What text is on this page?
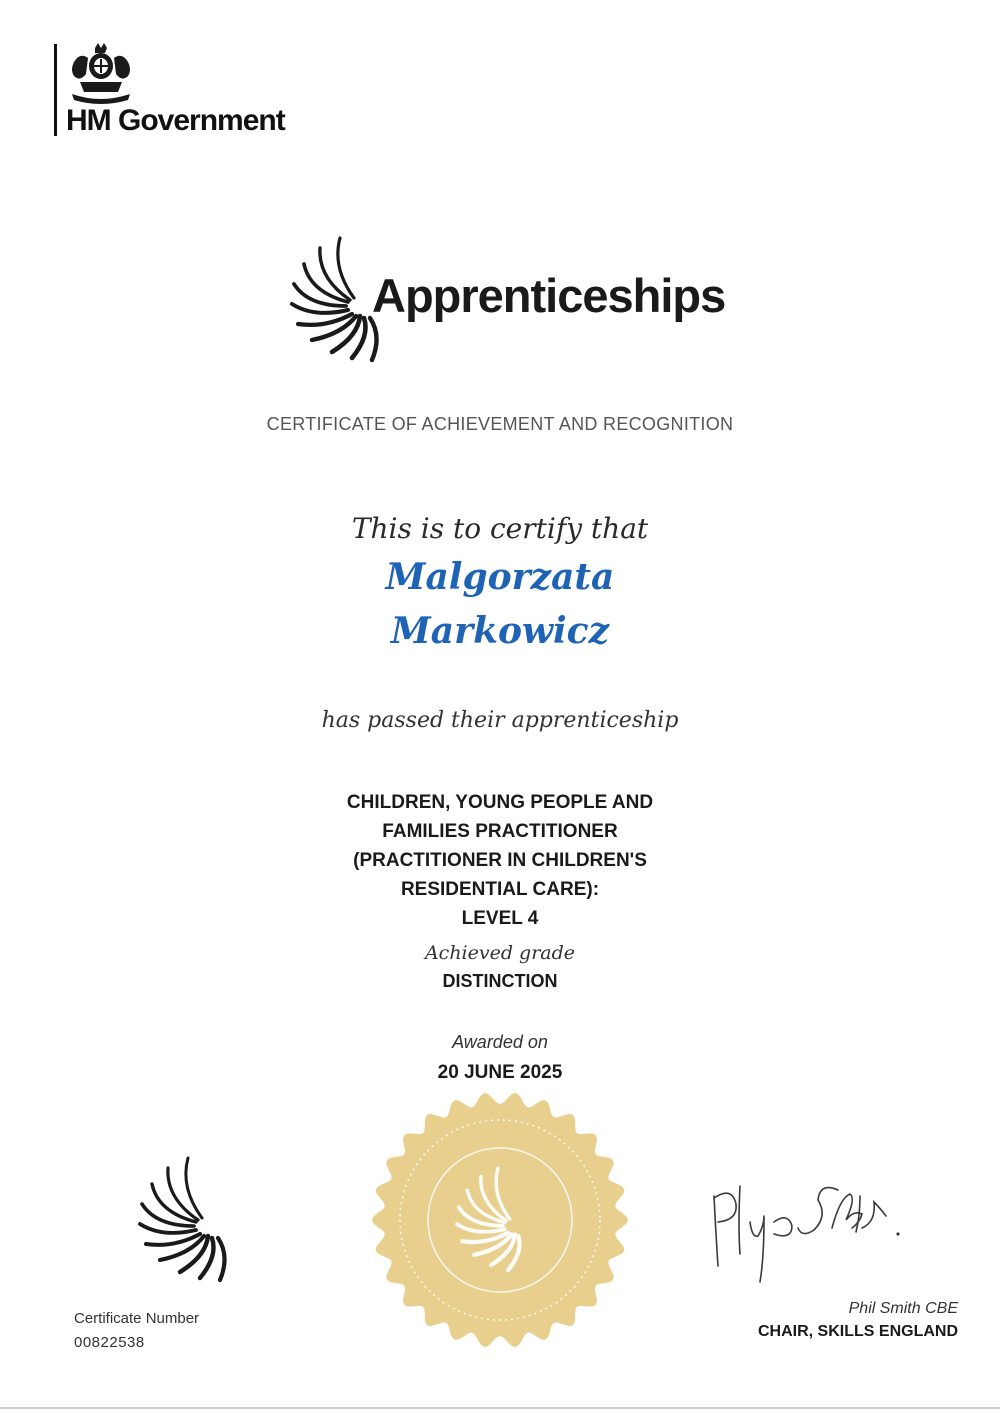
HM Government
Apprenticeships
CERTIFICATE OF ACHIEVEMENT AND RECOGNITION
This is to certify that
Malgorzata
Markowicz
has passed their apprenticeship
CHILDREN, YOUNG PEOPLE AND
FAMILIES PRACTITIONER
(PRACTITIONER IN CHILDREN'S
RESIDENTIAL CARE):
LEVEL 4
Achieved grade
DISTINCTION
Awarded on
20 JUNE 2025
Certificate Number
00822538
Phil Smith CBE
CHAIR, SKILLS ENGLAND
